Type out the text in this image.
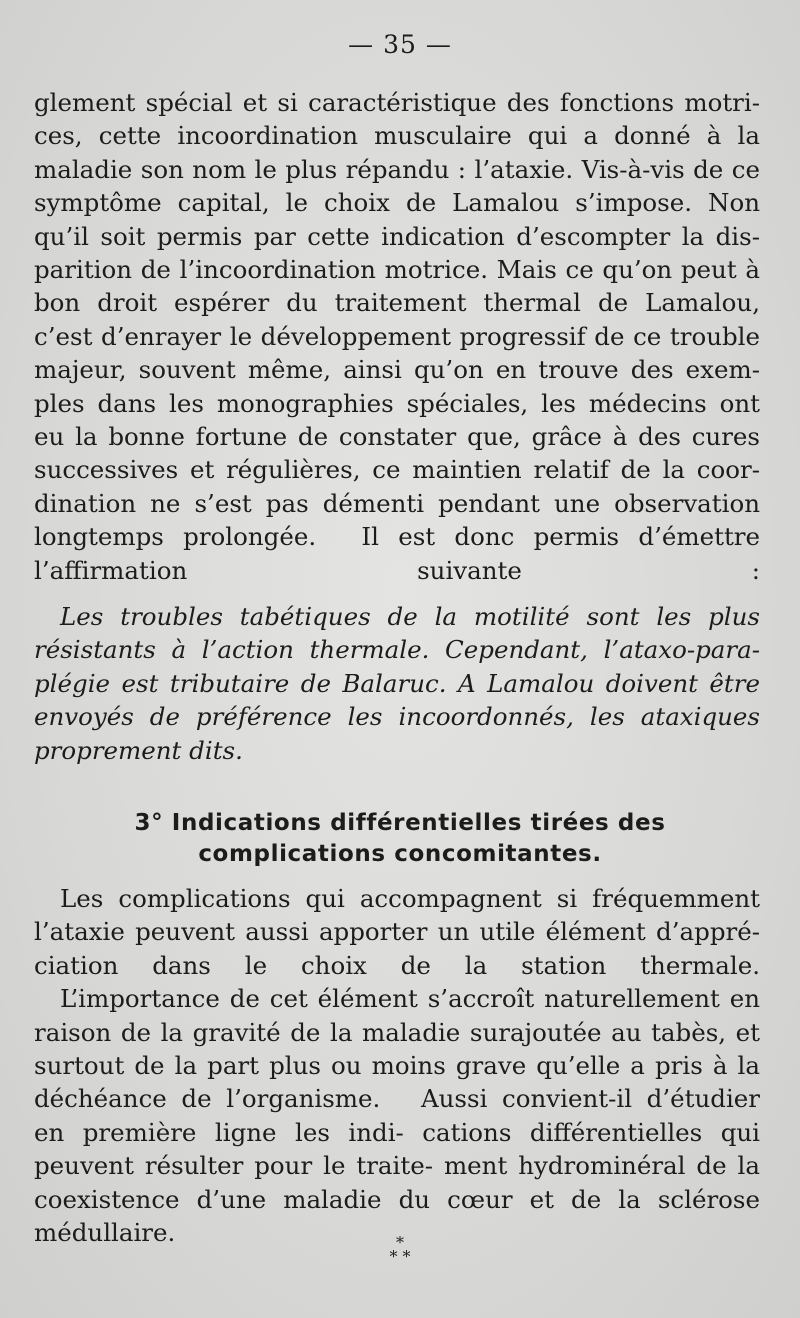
— 35 —
glement spécial et si caractéristique des fonctions motri- ces, cette incoordination musculaire qui a donné à la maladie son nom le plus répandu : l’ataxie. Vis-à-vis de ce symptôme capital, le choix de Lamalou s’impose. Non qu’il soit permis par cette indication d’escompter la dis- parition de l’incoordination motrice. Mais ce qu’on peut à bon droit espérer du traitement thermal de Lamalou, c’est d’enrayer le développement progressif de ce trouble majeur, souvent même, ainsi qu’on en trouve des exem- ples dans les monographies spéciales, les médecins ont eu la bonne fortune de constater que, grâce à des cures successives et régulières, ce maintien relatif de la coor- dination ne s’est pas démenti pendant une observation longtemps prolongée. Il est donc permis d’émettre l’affirmation suivante :
Les troubles tabétiques de la motilité sont les plus
résistants à l’action thermale. Cependant, l’ataxo-para-
plégie est tributaire de Balaruc. A Lamalou doivent être
envoyés de préférence les incoordonnés, les ataxiques
proprement dits.
3° Indications différentielles tirées des
complications concomitantes.
Les complications qui accompagnent si fréquemment l’ataxie peuvent aussi apporter un utile élément d’appré- ciation dans le choix de la station thermale. L’importance de cet élément s’accroît naturellement en raison de la gravité de la maladie surajoutée au tabès, et surtout de la part plus ou moins grave qu’elle a pris à la déchéance de l’organisme. Aussi convient-il d’étudier en première ligne les indi- cations différentielles qui peuvent résulter pour le traite- ment hydrominéral de la coexistence d’une maladie du cœur et de la sclérose médullaire.	*
* *
